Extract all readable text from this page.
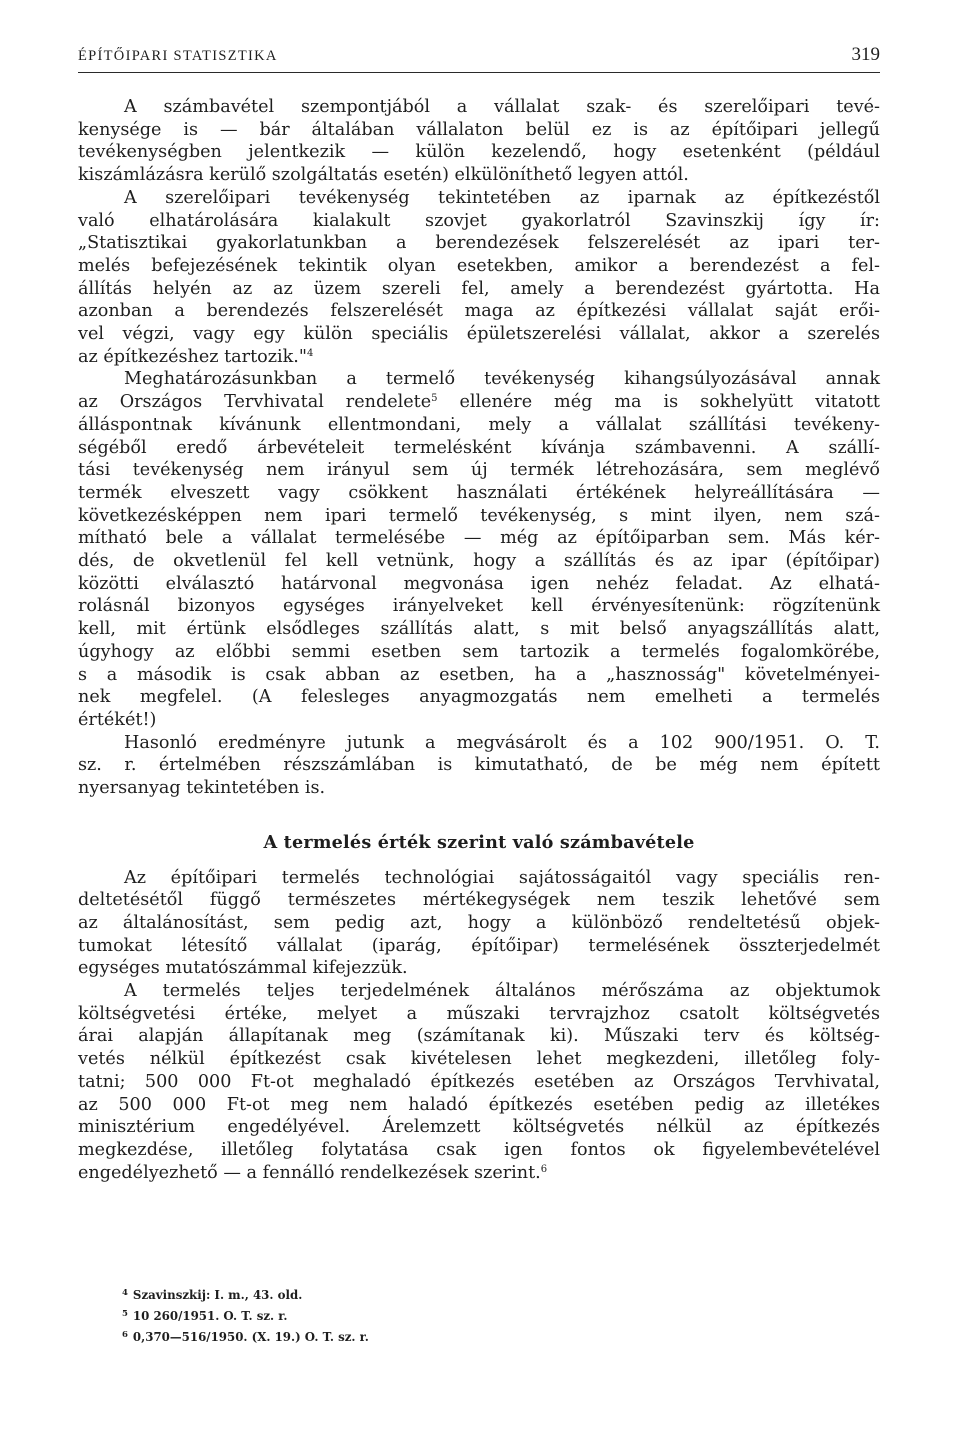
ÉPÍTŐIPARI STATISZTIKA	319
A számbavétel szempontjából a vállalat szak- és szerelőipari tevé-
kenysége is — bár általában vállalaton belül ez is az építőipari jellegű
tevékenységben jelentkezik — külön kezelendő, hogy esetenként (például
kiszámlázásra kerülő szolgáltatás esetén) elkülöníthető legyen attól.
A szerelőipari tevékenység tekintetében az iparnak az építkezéstől
való elhatárolására kialakult szovjet gyakorlatról Szavinszkij így ír:
„Statisztikai gyakorlatunkban a berendezések felszerelését az ipari ter-
melés befejezésének tekintik olyan esetekben, amikor a berendezést a fel-
állítás helyén az az üzem szereli fel, amely a berendezést gyártotta. Ha
azonban a berendezés felszerelését maga az építkezési vállalat saját erői-
vel végzi, vagy egy külön speciális épületszerelési vállalat, akkor a szerelés
az építkezéshez tartozik."$^4$
Meghatározásunkban a termelő tevékenység kihangsúlyozásával annak
az Országos Tervhivatal rendelete$^5$ ellenére még ma is sokhelyütt vitatott
álláspontnak kívánunk ellentmondani, mely a vállalat szállítási tevékeny-
ségéből eredő árbevételeit termelésként kívánja számbavenni. A szállí-
tási tevékenység nem irányul sem új termék létrehozására, sem meglévő
termék elveszett vagy csökkent használati értékének helyreállítására —
következésképpen nem ipari termelő tevékenység, s mint ilyen, nem szá-
mítható bele a vállalat termelésébe — még az építőiparban sem. Más kér-
dés, de okvetlenül fel kell vetnünk, hogy a szállítás és az ipar (építőipar)
közötti elválasztó határvonal megvonása igen nehéz feladat. Az elhatá-
rolásnál bizonyos egységes irányelveket kell érvényesítenünk: rögzítenünk
kell, mit értünk elsődleges szállítás alatt, s mit belső anyagszállítás alatt,
úgyhogy az előbbi semmi esetben sem tartozik a termelés fogalomkörébe,
s a második is csak abban az esetben, ha a „hasznosság" követelményei-
nek megfelel. (A felesleges anyagmozgatás nem emelheti a termelés
értékét!)
Hasonló eredményre jutunk a megvásárolt és a 102 900/1951. O. T.
sz. r. értelmében részszámlában is kimutatható, de be még nem épített
nyersanyag tekintetében is.
A termelés érték szerint való számbavétele
Az építőipari termelés technológiai sajátosságaitól vagy speciális ren-
deltetésétől függő természetes mértékegységek nem teszik lehetővé sem
az általánosítást, sem pedig azt, hogy a különböző rendeltetésű objek-
tumokat létesítő vállalat (iparág, építőipar) termelésének összterjedelmét
egységes mutatószámmal kifejezzük.
A termelés teljes terjedelmének általános mérőszáma az objektumok
költségvetési értéke, melyet a műszaki tervrajzhoz csatolt költségvetés
árai alapján állapítanak meg (számítanak ki). Műszaki terv és költség-
vetés nélkül építkezést csak kivételesen lehet megkezdeni, illetőleg foly-
tatni; 500 000 Ft-ot meghaladó építkezés esetében az Országos Tervhivatal,
az 500 000 Ft-ot meg nem haladó építkezés esetében pedig az illetékes
minisztérium engedélyével. Árelemzett költségvetés nélkül az építkezés
megkezdése, illetőleg folytatása csak igen fontos ok figyelembevételével
engedélyezhető — a fennálló rendelkezések szerint.$^6$
$^4$ Szavinszkij: I. m., 43. old.
$^5$ 10 260/1951. O. T. sz. r.
$^6$ 0,370—516/1950. (X. 19.) O. T. sz. r.
